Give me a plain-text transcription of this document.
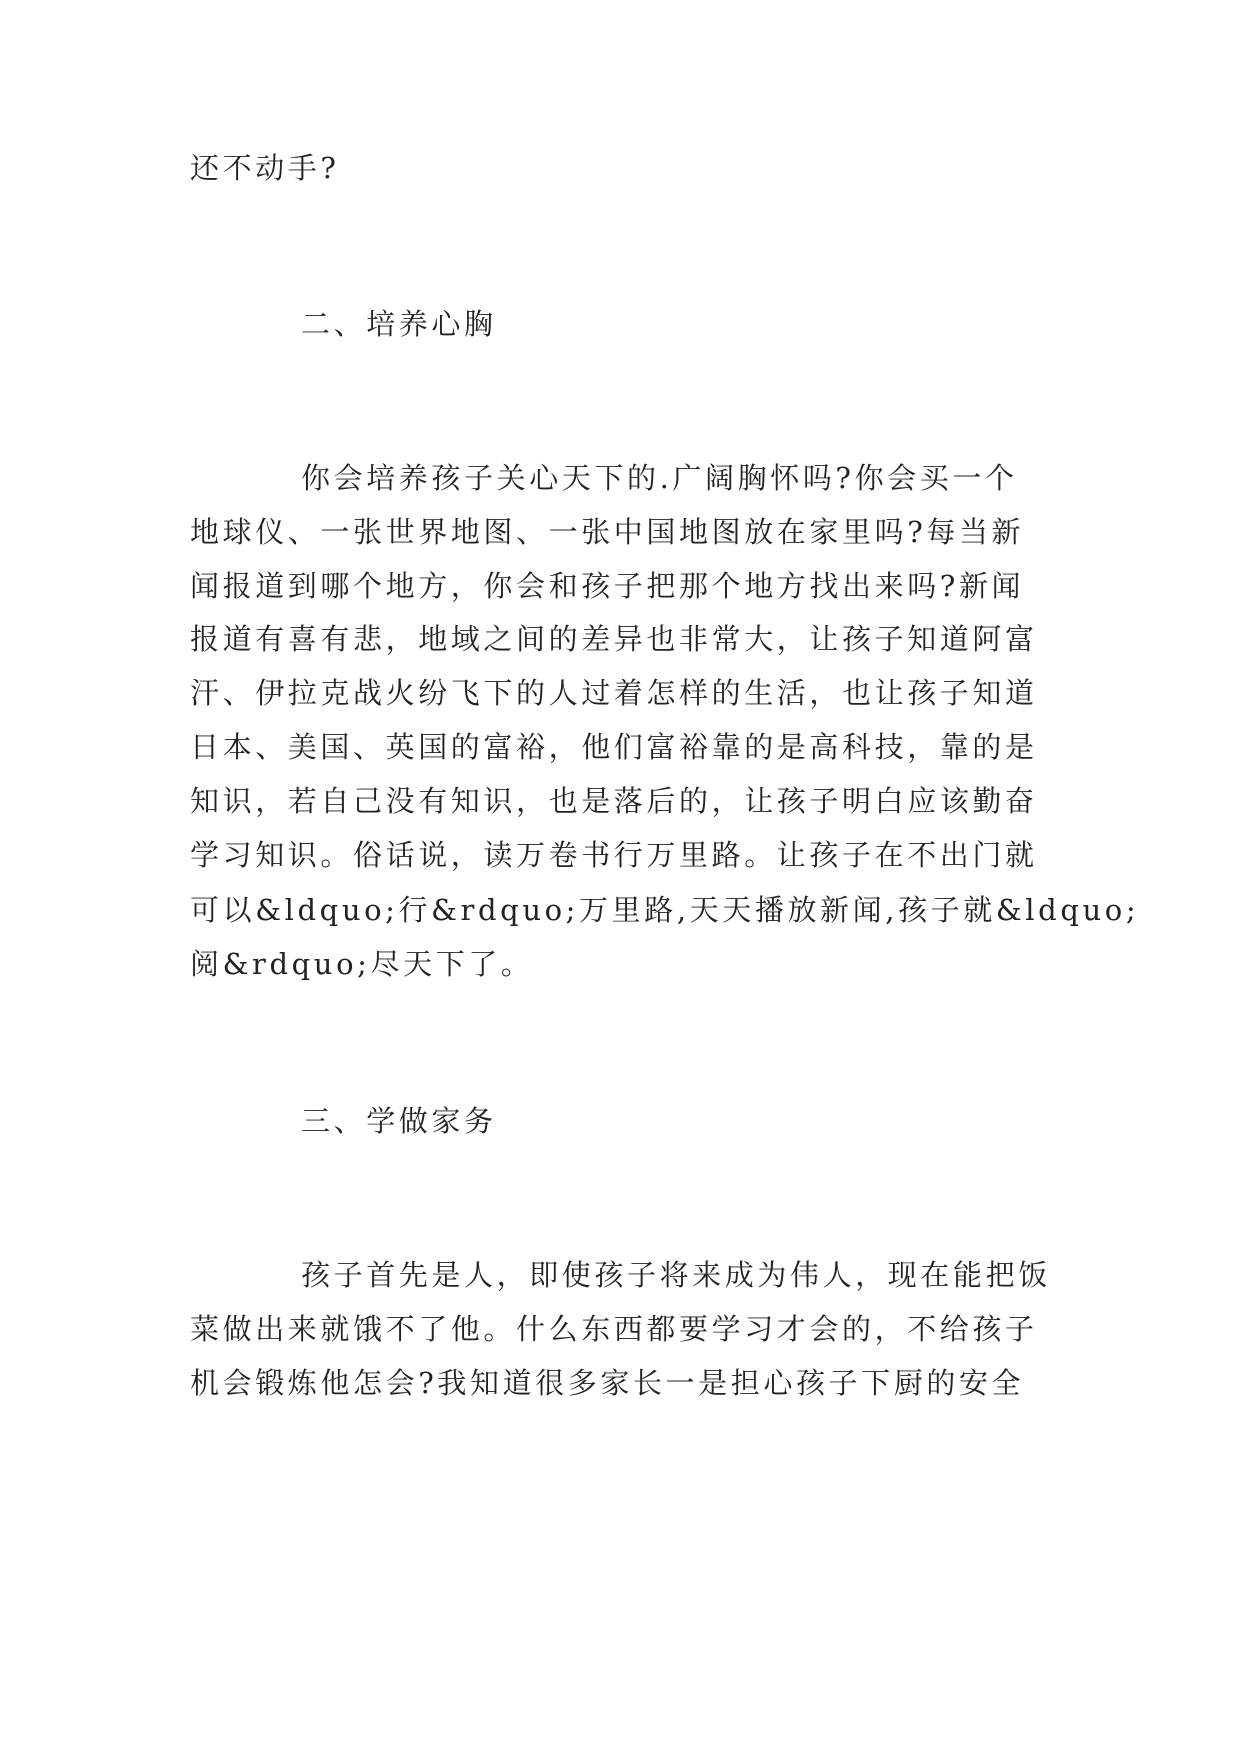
还不动手?
二、培养心胸
你会培养孩子关心天下的.广阔胸怀吗?你会买一个
地球仪、一张世界地图、一张中国地图放在家里吗?每当新
闻报道到哪个地方，你会和孩子把那个地方找出来吗?新闻
报道有喜有悲，地域之间的差异也非常大，让孩子知道阿富
汗、伊拉克战火纷飞下的人过着怎样的生活，也让孩子知道
日本、美国、英国的富裕，他们富裕靠的是高科技，靠的是
知识，若自己没有知识，也是落后的，让孩子明白应该勤奋
学习知识。俗话说，读万卷书行万里路。让孩子在不出门就
可以&ldquo;行&rdquo;万里路,天天播放新闻,孩子就&ldquo;
阅&rdquo;尽天下了。
三、学做家务
孩子首先是人，即使孩子将来成为伟人，现在能把饭
菜做出来就饿不了他。什么东西都要学习才会的，不给孩子
机会锻炼他怎会?我知道很多家长一是担心孩子下厨的安全
